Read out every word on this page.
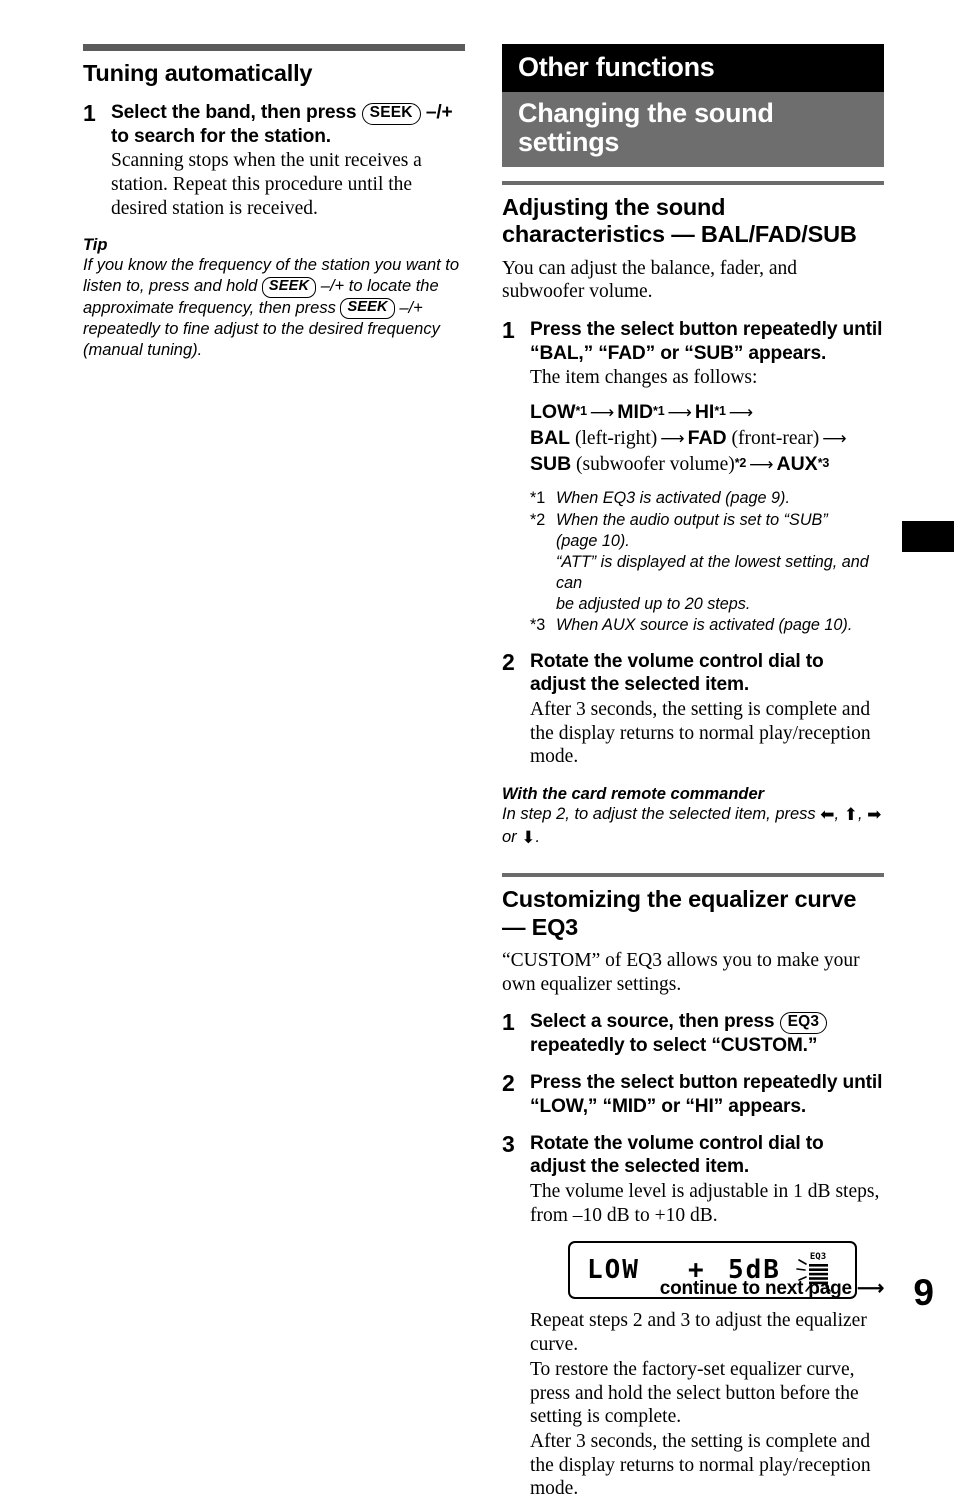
Tuning automatically
1 Select the band, then press SEEK –/+ to search for the station.
Scanning stops when the unit receives a station. Repeat this procedure until the desired station is received.
Tip
If you know the frequency of the station you want to listen to, press and hold SEEK –/+ to locate the approximate frequency, then press SEEK –/+ repeatedly to fine adjust to the desired frequency (manual tuning).
Other functions
Changing the sound settings
Adjusting the sound characteristics — BAL/FAD/SUB
You can adjust the balance, fader, and subwoofer volume.
1 Press the select button repeatedly until “BAL,” “FAD” or “SUB” appears.
The item changes as follows:
LOW$^{*1}$ ⟶ MID$^{*1}$ ⟶ HI$^{*1}$ ⟶
BAL (left-right) ⟶ FAD (front-rear) ⟶
SUB (subwoofer volume)$^{*2}$ ⟶ AUX$^{*3}$
*1 When EQ3 is activated (page 9).
*2 When the audio output is set to “SUB”
(page 10).
“ATT” is displayed at the lowest setting, and can
be adjusted up to 20 steps.
*3 When AUX source is activated (page 10).
2 Rotate the volume control dial to adjust the selected item.
After 3 seconds, the setting is complete and the display returns to normal play/reception mode.
With the card remote commander
In step 2, to adjust the selected item, press ⬅, ⬆, ➡ or ⬇.
Customizing the equalizer curve — EQ3
“CUSTOM” of EQ3 allows you to make your own equalizer settings.
1 Select a source, then press EQ3 repeatedly to select “CUSTOM.”
2 Press the select button repeatedly until “LOW,” “MID” or “HI” appears.
3 Rotate the volume control dial to adjust the selected item.
The volume level is adjustable in 1 dB steps, from –10 dB to +10 dB.
LOW + 5dB	EQ3
Repeat steps 2 and 3 to adjust the equalizer curve.
To restore the factory-set equalizer curve, press and hold the select button before the setting is complete.
After 3 seconds, the setting is complete and the display returns to normal play/reception mode.
continue to next page ⟶ 9
